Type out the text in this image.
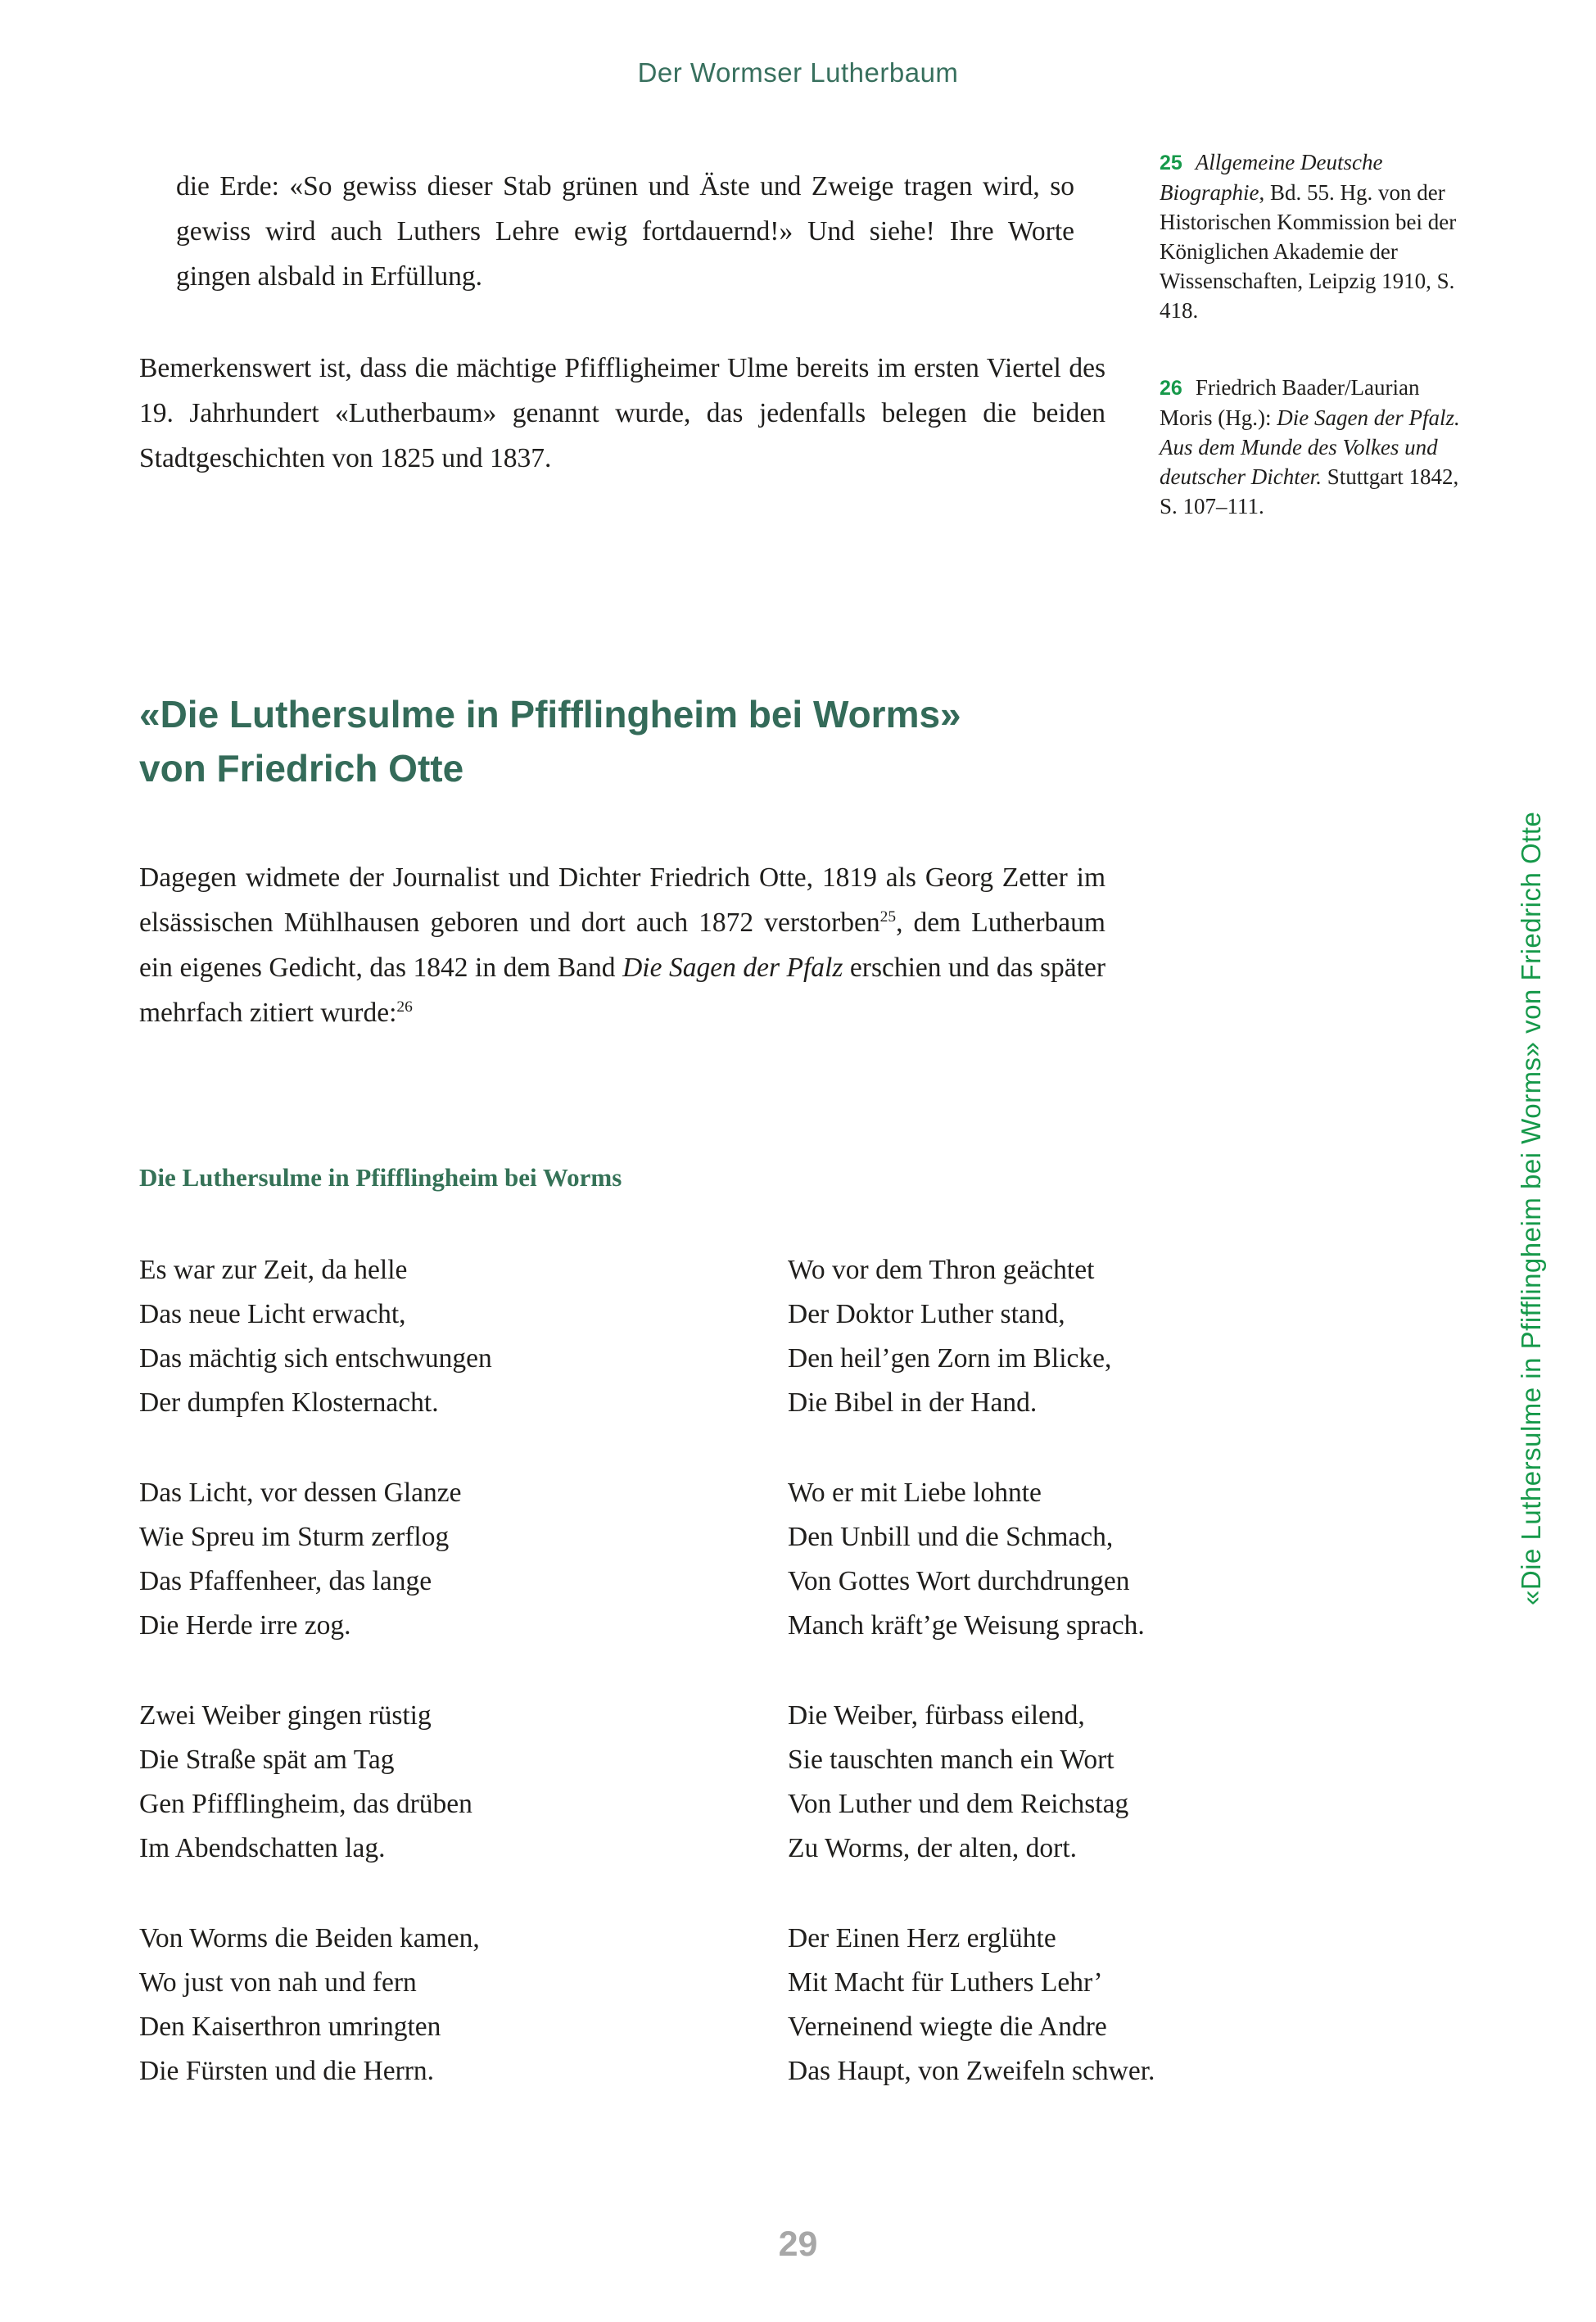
Der Wormser Lutherbaum

die Erde: «So gewiss dieser Stab grünen und Äste und Zweige tragen wird, so gewiss wird auch Luthers Lehre ewig fortdauernd!» Und siehe! Ihre Worte gingen alsbald in Erfüllung.

Bemerkenswert ist, dass die mächtige Pfiffligheimer Ulme bereits im ersten Viertel des 19. Jahrhundert «Lutherbaum» genannt wurde, das jedenfalls belegen die beiden Stadtgeschichten von 1825 und 1837.

25 Allgemeine Deutsche Biographie, Bd. 55. Hg. von der Historischen Kommission bei der Königlichen Akademie der Wissenschaften, Leipzig 1910, S. 418.

26 Friedrich Baader/Laurian Moris (Hg.): Die Sagen der Pfalz. Aus dem Munde des Volkes und deutscher Dichter. Stuttgart 1842, S. 107–111.

«Die Luthersulme in Pfifflingheim bei Worms»
von Friedrich Otte

Dagegen widmete der Journalist und Dichter Friedrich Otte, 1819 als Georg Zetter im elsässischen Mühlhausen geboren und dort auch 1872 verstorben$^{25}$, dem Lutherbaum ein eigenes Gedicht, das 1842 in dem Band Die Sagen der Pfalz erschien und das später mehrfach zitiert wurde:$^{26}$

Die Luthersulme in Pfifflingheim bei Worms
Es war zur Zeit, da helle
Das neue Licht erwacht,
Das mächtig sich entschwungen
Der dumpfen Klosternacht.
Das Licht, vor dessen Glanze
Wie Spreu im Sturm zerflog
Das Pfaffenheer, das lange
Die Herde irre zog.
Zwei Weiber gingen rüstig
Die Straße spät am Tag
Gen Pfifflingheim, das drüben
Im Abendschatten lag.
Von Worms die Beiden kamen,
Wo just von nah und fern
Den Kaiserthron umringten
Die Fürsten und die Herrn.
Wo vor dem Thron geächtet
Der Doktor Luther stand,
Den heil’gen Zorn im Blicke,
Die Bibel in der Hand.
Wo er mit Liebe lohnte
Den Unbill und die Schmach,
Von Gottes Wort durchdrungen
Manch kräft’ge Weisung sprach.
Die Weiber, fürbass eilend,
Sie tauschten manch ein Wort
Von Luther und dem Reichstag
Zu Worms, der alten, dort.
Der Einen Herz erglühte
Mit Macht für Luthers Lehr’
Verneinend wiegte die Andre
Das Haupt, von Zweifeln schwer.
«Die Luthersulme in Pfifflingheim bei Worms» von Friedrich Otte
29
